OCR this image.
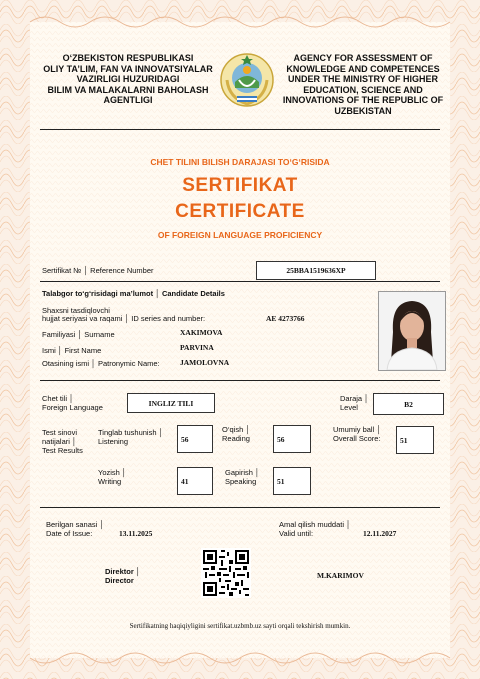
O‘ZBEKISTON RESPUBLIKASI
OLIY TA’LIM, FAN VA INNOVATSIYALAR
VAZIRLIGI HUZURIDAGI
BILIM VA MALAKALARNI BAHOLASH
AGENTLIGI
AGENCY FOR ASSESSMENT OF
KNOWLEDGE AND COMPETENCES
UNDER THE MINISTRY OF HIGHER
EDUCATION, SCIENCE AND
INNOVATIONS OF THE REPUBLIC OF
UZBEKISTAN
CHET TILINI BILISH DARAJASI TO‘G‘RISIDA
SERTIFIKAT
CERTIFICATE
OF FOREIGN LANGUAGE PROFICIENCY
Sertifikat № │ Reference Number	25BBA1519636XP
Talabgor to‘g‘risidagi ma’lumot │ Candidate Details
Shaxsni tasdiqlovchi
hujjat seriyasi va raqami │ ID series and number:	AE 4273766
Familiyasi │ Surname	XAKIMOVA
Ismi │ First Name	PARVINA
Otasining ismi │ Patronymic Name:	JAMOLOVNA
Chet tili │
Foreign Language	INGLIZ TILI	Daraja │
Level	B2
Test sinovi
natijalari │
Test Results
Tinglab tushunish │
Listening	56
O‘qish │
Reading	56
Umumiy ball │
Overall Score:	51
Yozish │
Writing	41
Gapirish │
Speaking	51
Berilgan sanasi │
Date of Issue:	13.11.2025
Amal qilish muddati │
Valid until:	12.11.2027
Direktor │
Director
M.KARIMOV
Sertifikatning haqiqiyligini sertifikat.uzbmb.uz sayti orqali tekshirish mumkin.
